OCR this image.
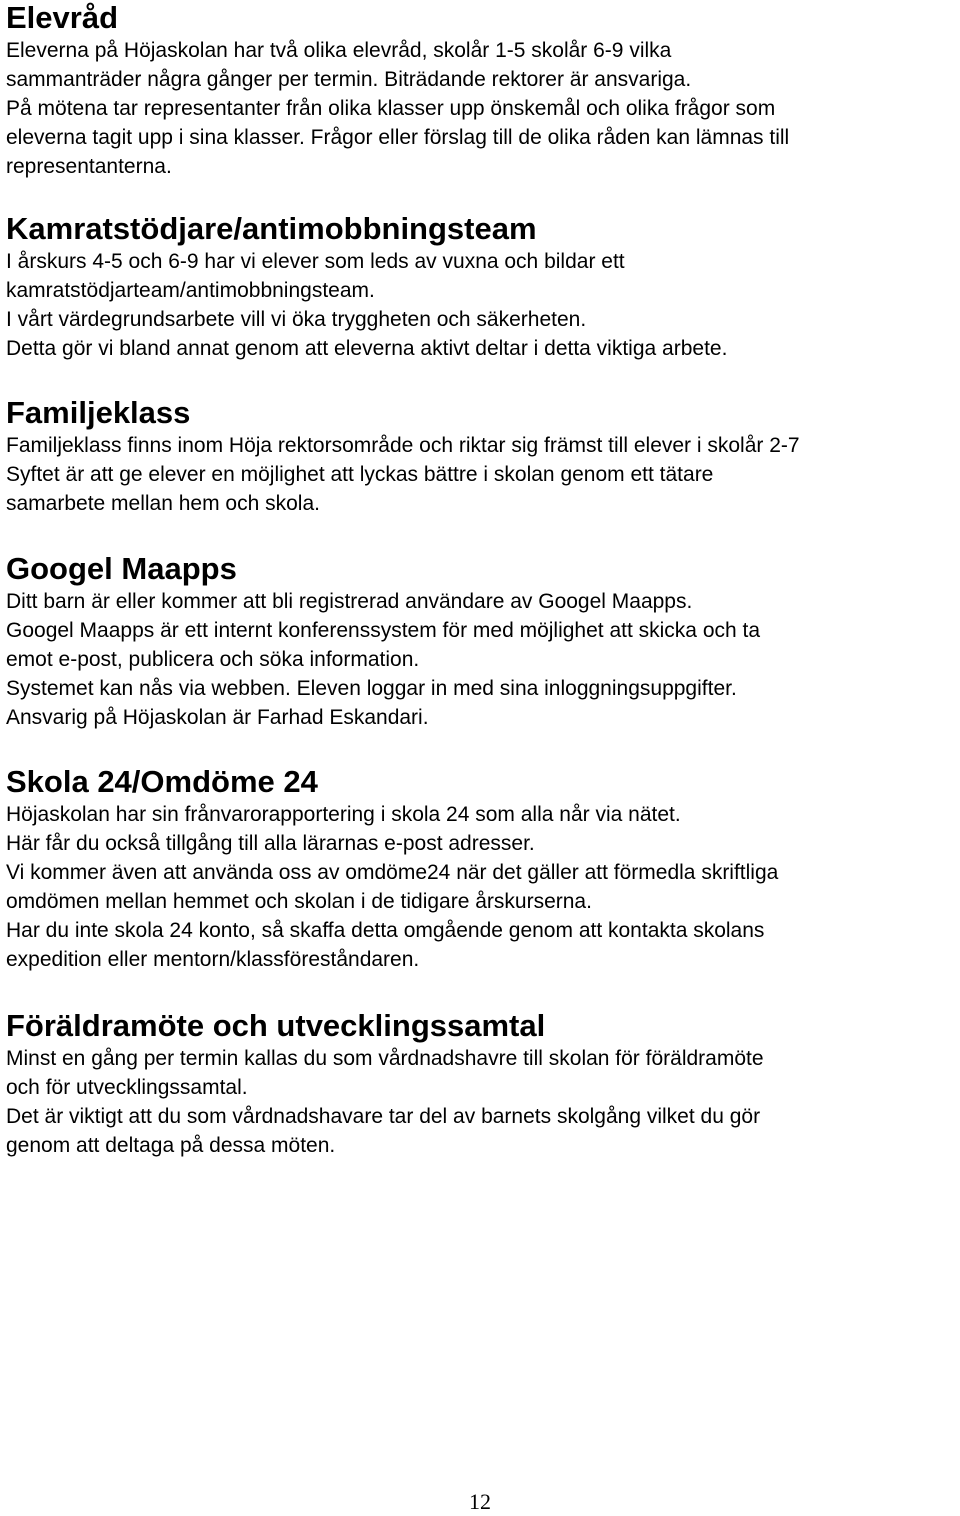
Elevråd
Eleverna på Höjaskolan har två olika elevråd, skolår 1-5 skolår 6-9 vilka
sammanträder några gånger per termin. Biträdande rektorer är ansvariga.
På mötena tar representanter från olika klasser upp önskemål och olika frågor som
eleverna tagit upp i sina klasser. Frågor eller förslag till de olika råden kan lämnas till
representanterna.
Kamratstödjare/antimobbningsteam
I årskurs 4-5 och 6-9 har vi elever som leds av vuxna och bildar ett
kamratstödjarteam/antimobbningsteam.
I vårt värdegrundsarbete vill vi öka tryggheten och säkerheten.
Detta gör vi bland annat genom att eleverna aktivt deltar i detta viktiga arbete.
Familjeklass
Familjeklass finns inom Höja rektorsområde och riktar sig främst till elever i skolår 2-7
Syftet är att ge elever en möjlighet att lyckas bättre i skolan genom ett tätare
samarbete mellan hem och skola.
Googel Maapps
Ditt barn är eller kommer att bli registrerad användare av Googel Maapps.
Googel Maapps är ett internt konferenssystem för med möjlighet att skicka och ta
emot e-post, publicera och söka information.
Systemet kan nås via webben. Eleven loggar in med sina inloggningsuppgifter.
Ansvarig på Höjaskolan är Farhad Eskandari.
Skola 24/Omdöme 24
Höjaskolan har sin frånvarorapportering i skola 24 som alla når via nätet.
Här får du också tillgång till alla lärarnas e-post adresser.
Vi kommer även att använda oss av omdöme24 när det gäller att förmedla skriftliga
omdömen mellan hemmet och skolan i de tidigare årskurserna.
Har du inte skola 24 konto, så skaffa detta omgående genom att kontakta skolans
expedition eller mentorn/klassföreståndaren.
Föräldramöte och utvecklingssamtal
Minst en gång per termin kallas du som vårdnadshavre till skolan för föräldramöte
och för utvecklingssamtal.
Det är viktigt att du som vårdnadshavare tar del av barnets skolgång vilket du gör
genom att deltaga på dessa möten.
12
